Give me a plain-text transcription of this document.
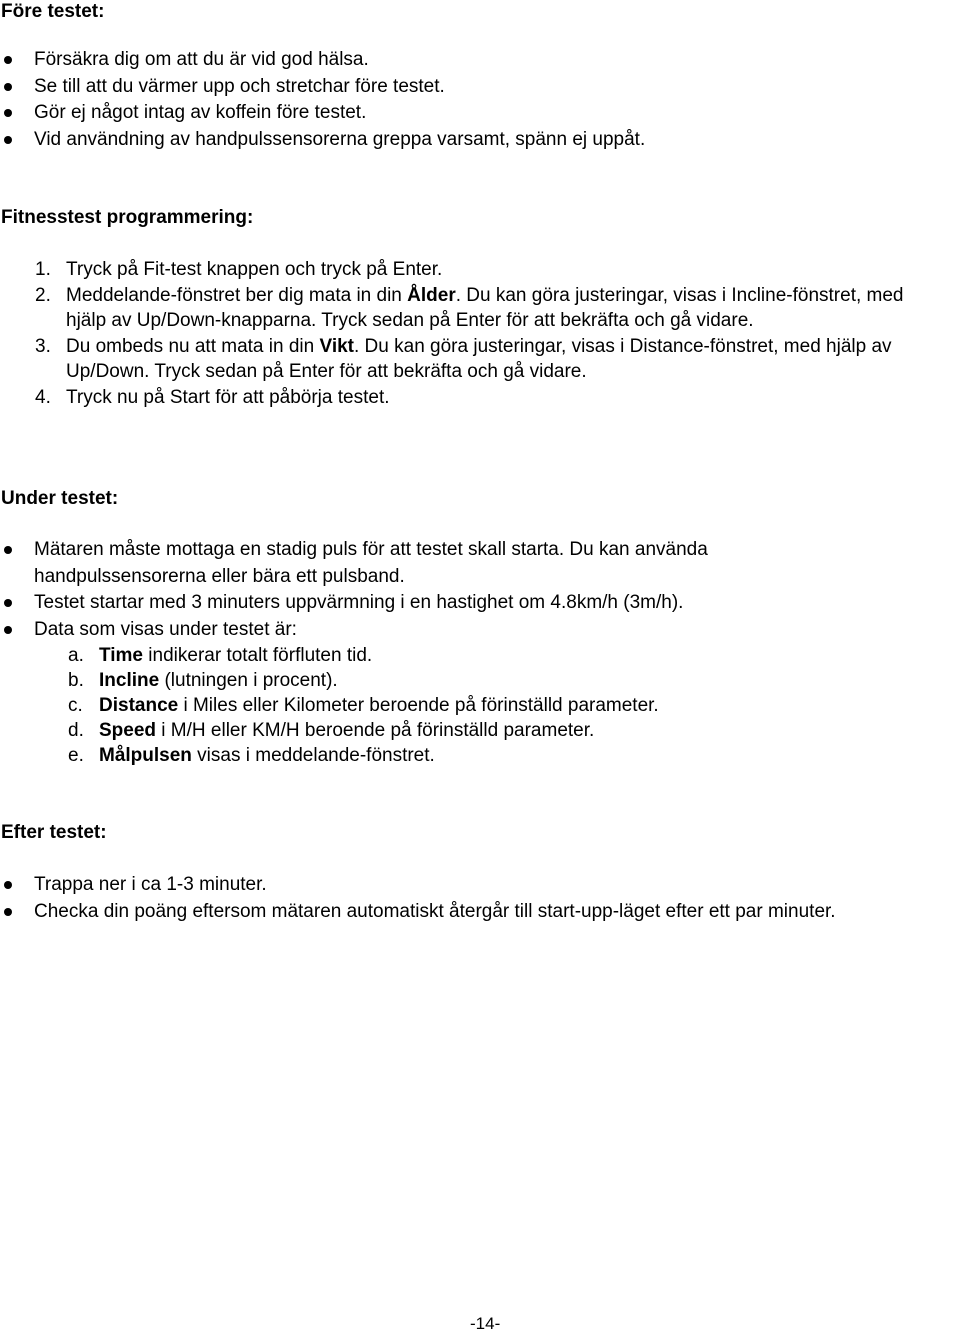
Före testet:
Försäkra dig om att du är vid god hälsa.
Se till att du värmer upp och stretchar före testet.
Gör ej något intag av koffein före testet.
Vid användning av handpulssensorerna greppa varsamt, spänn ej uppåt.
Fitnesstest programmering:
1. Tryck på Fit-test knappen och tryck på Enter.
2. Meddelande-fönstret ber dig mata in din Ålder. Du kan göra justeringar, visas i Incline-fönstret, med hjälp av Up/Down-knapparna. Tryck sedan på Enter för att bekräfta och gå vidare.
3. Du ombeds nu att mata in din Vikt. Du kan göra justeringar, visas i Distance-fönstret, med hjälp av Up/Down. Tryck sedan på Enter för att bekräfta och gå vidare.
4. Tryck nu på Start för att påbörja testet.
Under testet:
Mätaren måste mottaga en stadig puls för att testet skall starta. Du kan använda handpulssensorerna eller bära ett pulsband.
Testet startar med 3 minuters uppvärmning i en hastighet om 4.8km/h (3m/h).
Data som visas under testet är:
a. Time indikerar totalt förfluten tid.
b. Incline (lutningen i procent).
c. Distance i Miles eller Kilometer beroende på förinställd parameter.
d. Speed i M/H eller KM/H beroende på förinställd parameter.
e. Målpulsen visas i meddelande-fönstret.
Efter testet:
Trappa ner i ca 1-3 minuter.
Checka din poäng eftersom mätaren automatiskt återgår till start-upp-läget efter ett par minuter.
-14-
